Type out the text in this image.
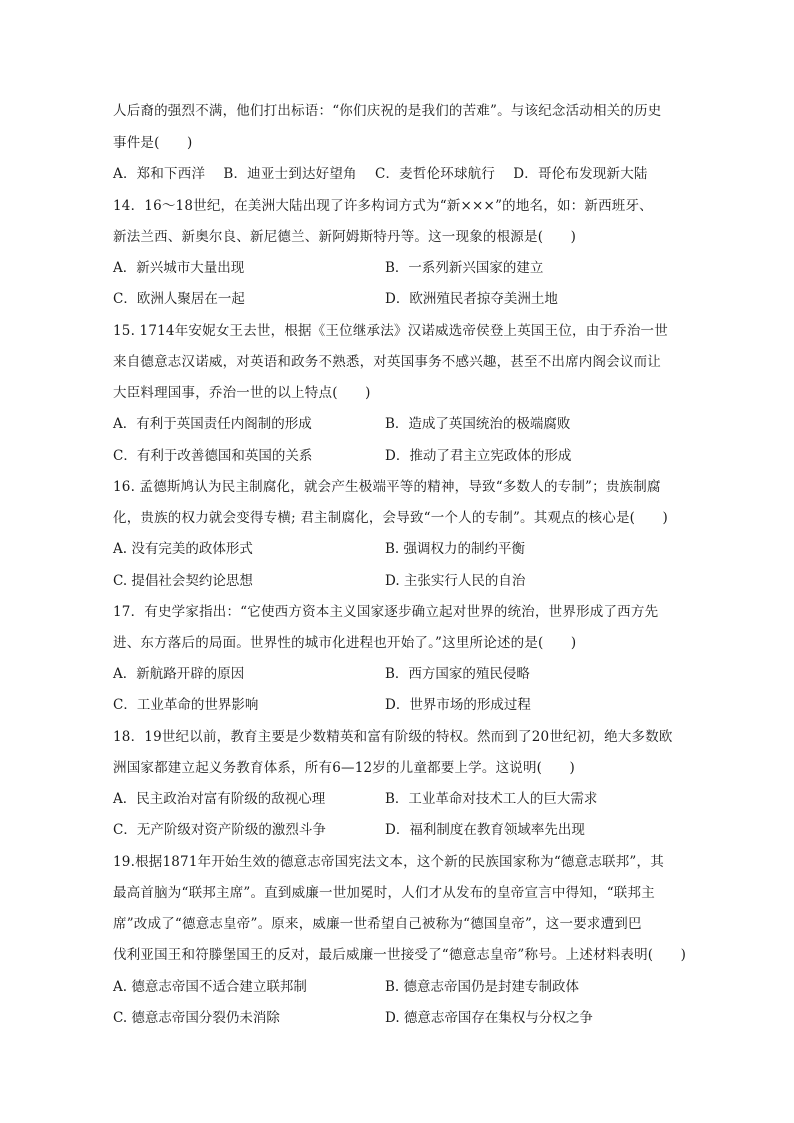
人后裔的强烈不满，他们打出标语：“你们庆祝的是我们的苦难”。与该纪念活动相关的历史
事件是(　　)
A．郑和下西洋　 B．迪亚士到达好望角　 C．麦哲伦环球航行　 D．哥伦布发现新大陆
14．16～18世纪，在美洲大陆出现了许多构词方式为“新×××”的地名，如：新西班牙、
新法兰西、新奥尔良、新尼德兰、新阿姆斯特丹等。这一现象的根源是(　　)
A．新兴城市大量出现	B．一系列新兴国家的建立
C．欧洲人聚居在一起	D．欧洲殖民者掠夺美洲土地
15. 1714年安妮女王去世，根据《王位继承法》汉诺威选帝侯登上英国王位，由于乔治一世
来自德意志汉诺威，对英语和政务不熟悉，对英国事务不感兴趣，甚至不出席内阁会议而让
大臣料理国事，乔治一世的以上特点(　　)
A．有利于英国责任内阁制的形成	B．造成了英国统治的极端腐败
C．有利于改善德国和英国的关系	D．推动了君主立宪政体的形成
16. 孟德斯鸠认为民主制腐化，就会产生极端平等的精神，导致“多数人的专制”；贵族制腐
化，贵族的权力就会变得专横; 君主制腐化，会导致“一个人的专制”。其观点的核心是(　　)
A. 没有完美的政体形式	B. 强调权力的制约平衡
C. 提倡社会契约论思想	D. 主张实行人民的自治
17．有史学家指出：“它使西方资本主义国家逐步确立起对世界的统治，世界形成了西方先
进、东方落后的局面。世界性的城市化进程也开始了。”这里所论述的是(　　)
A．新航路开辟的原因	B．西方国家的殖民侵略
C．工业革命的世界影响	D．世界市场的形成过程
18．19世纪以前，教育主要是少数精英和富有阶级的特权。然而到了20世纪初，绝大多数欧
洲国家都建立起义务教育体系，所有6—12岁的儿童都要上学。这说明(　　)
A．民主政治对富有阶级的敌视心理	B．工业革命对技术工人的巨大需求
C．无产阶级对资产阶级的激烈斗争	D．福利制度在教育领域率先出现
19.根据1871年开始生效的德意志帝国宪法文本，这个新的民族国家称为“德意志联邦”，其
最高首脑为“联邦主席”。直到威廉一世加冕时，人们才从发布的皇帝宣言中得知，“联邦主
席”改成了“德意志皇帝”。原来，威廉一世希望自己被称为“德国皇帝”，这一要求遭到巴
伐利亚国王和符滕堡国王的反对，最后威廉一世接受了“德意志皇帝”称号。上述材料表明(　　)
A. 德意志帝国不适合建立联邦制	B. 德意志帝国仍是封建专制政体
C. 德意志帝国分裂仍未消除	D. 德意志帝国存在集权与分权之争
